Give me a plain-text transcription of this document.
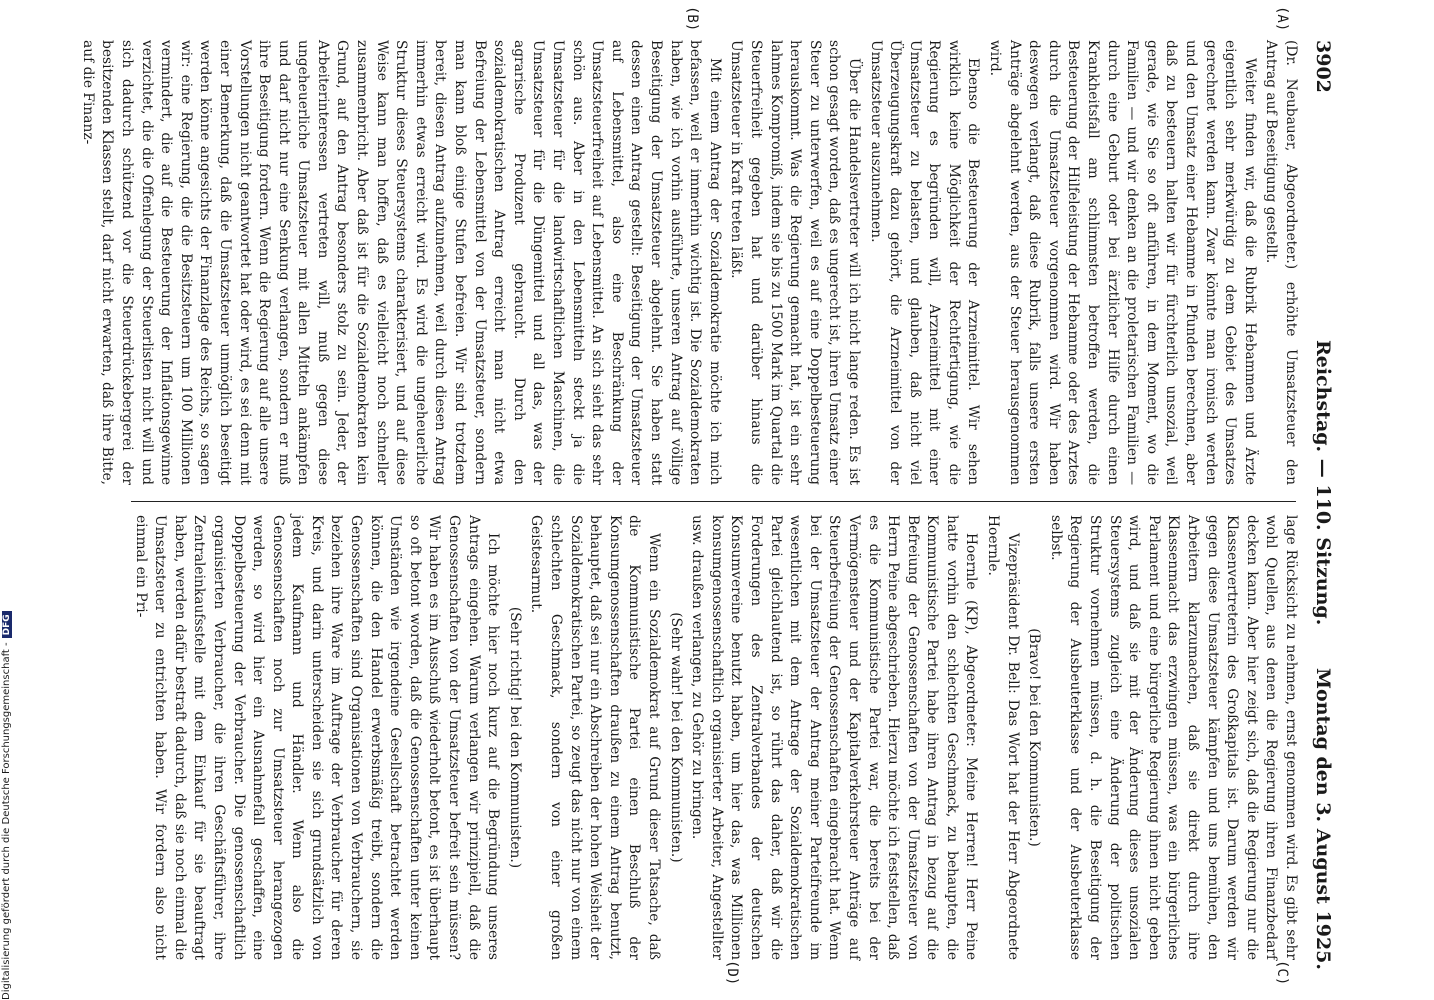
3902
Reichstag. — 110. Sitzung.
Montag den 3. August 1925.
(A)
(B)
(C)
(D)

(Dr. Neubauer, Abgeordneter.) erhöhte Umsatzsteuer den Antrag auf Beseitigung gestellt.

Weiter finden wir, daß die Rubrik Hebammen und Ärzte eigentlich sehr merkwürdig zu dem Gebiet des Umsatzes gerechnet werden kann. Zwar könnte man ironisch werden und den Umsatz einer Hebamme in Pfunden berechnen, aber daß zu besteuern halten wir für fürchterlich unsozial, weil gerade, wie Sie so oft anführen, in dem Moment, wo die Familien — und wir denken an die proletarischen Familien — durch eine Geburt oder bei ärztlicher Hilfe durch einen Krankheitsfall am schlimmsten betroffen werden, die Besteuerung der Hilfeleistung der Hebamme oder des Arztes durch die Umsatzsteuer vorgenommen wird. Wir haben deswegen verlangt, daß diese Rubrik, falls unsere ersten Anträge abgelehnt werden, aus der Steuer herausgenommen wird.

Ebenso die Besteuerung der Arzneimittel. Wir sehen wirklich keine Möglichkeit der Rechtfertigung, wie die Regierung es begründen will, Arzneimittel mit einer Umsatzsteuer zu belasten, und glauben, daß nicht viel Überzeugungskraft dazu gehört, die Arzneimittel von der Umsatzsteuer auszunehmen.

Über die Handelsvertreter will ich nicht lange reden. Es ist schon gesagt worden, daß es ungerecht ist, ihren Umsatz einer Steuer zu unterwerfen, weil es auf eine Doppelbesteuerung herauskommt. Was die Regierung gemacht hat, ist ein sehr lahmes Kompromiß, indem sie bis zu 1500 Mark im Quartal die Steuerfreiheit gegeben hat und darüber hinaus die Umsatzsteuer in Kraft treten läßt.

Mit einem Antrag der Sozialdemokratie möchte ich mich befassen, weil er immerhin wichtig ist. Die Sozialdemokraten haben, wie ich vorhin ausführte, unseren Antrag auf völlige Beseitigung der Umsatzsteuer abgelehnt. Sie haben statt dessen einen Antrag gestellt: Beseitigung der Umsatzsteuer auf Lebensmittel, also eine Beschränkung der Umsatzsteuerfreiheit auf Lebensmittel. An sich sieht das sehr schön aus. Aber in den Lebensmitteln steckt ja die Umsatzsteuer für die landwirtschaftlichen Maschinen, die Umsatzsteuer für die Düngemittel und all das, was der agrarische Produzent gebraucht. Durch den sozialdemokratischen Antrag erreicht man nicht etwa Befreiung der Lebensmittel von der Umsatzsteuer, sondern man kann bloß einige Stufen befreien. Wir sind trotzdem bereit, diesen Antrag aufzunehmen, weil durch diesen Antrag immerhin etwas erreicht wird. Es wird die ungeheuerliche Struktur dieses Steuersystems charakterisiert, und auf diese Weise kann man hoffen, daß es vielleicht noch schneller zusammenbricht. Aber daß ist für die Sozialdemokraten kein Grund, auf den Antrag besonders stolz zu sein. Jeder, der Arbeiterinteressen vertreten will, muß gegen diese ungeheuerliche Umsatzsteuer mit allen Mitteln ankämpfen und darf nicht nur eine Senkung verlangen, sondern er muß ihre Beseitigung fordern. Wenn die Regierung auf alle unsere Vorstellungen nicht geantwortet hat oder wird, es sei denn mit einer Bemerkung, daß die Umsatzsteuer unmöglich beseitigt werden könne angesichts der Finanzlage des Reichs, so sagen wir: eine Regierung, die die Besitzsteuern um 100 Millionen vermindert, die auf die Besteuerung der Inflationsgewinne verzichtet, die die Offenlegung der Steuerlisten nicht will und sich dadurch schützend vor die Steuerdrückebergerei der besitzenden Klassen stellt, darf nicht erwarten, daß ihre Bitte, auf die Finanz-

lage Rücksicht zu nehmen, ernst genommen wird. Es gibt sehr wohl Quellen, aus denen die Regierung ihren Finanzbedarf decken kann. Aber hier zeigt sich, daß die Regierung nur die Klassenvertreterin des Großkapitals ist. Darum werden wir gegen diese Umsatzsteuer kämpfen und uns bemühen, den Arbeitern klarzumachen, daß sie direkt durch ihre Klassenmacht das erzwingen müssen, was ein bürgerliches Parlament und eine bürgerliche Regierung ihnen nicht geben wird, und daß sie mit der Änderung dieses unsozialen Steuersystems zugleich eine Änderung der politischen Struktur vornehmen müssen, d. h. die Beseitigung der Regierung der Ausbeuterklasse und der Ausbeuterklasse selbst.

(Bravo! bei den Kommunisten.)

Vizepräsident Dr. Bell: Das Wort hat der Herr Abgeordnete Hoernle.

Hoernle (KP), Abgeordneter: Meine Herren! Herr Peine hatte vorhin den schlechten Geschmack, zu behaupten, die Kommunistische Partei habe ihren Antrag in bezug auf die Befreiung der Genossenschaften von der Umsatzsteuer von Herrn Peine abgeschrieben. Hierzu möchte ich feststellen, daß es die Kommunistische Partei war, die bereits bei der Vermögensteuer und der Kapitalverkehrsteuer Anträge auf Steuerbefreiung der Genossenschaften eingebracht hat. Wenn bei der Umsatzsteuer der Antrag meiner Parteifreunde im wesentlichen mit dem Antrage der Sozialdemokratischen Partei gleichlautend ist, so rührt das daher, daß wir die Forderungen des Zentralverbandes der deutschen Konsumvereine benutzt haben, um hier das, was Millionen konsumgenossenschaftlich organisierter Arbeiter, Angestellter usw. draußen verlangen, zu Gehör zu bringen.

(Sehr wahr! bei den Kommunisten.)

Wenn ein Sozialdemokrat auf Grund dieser Tatsache, daß die Kommunistische Partei einen Beschluß der Konsumgenossenschaften draußen zu einem Antrag benutzt, behauptet, daß sei nur ein Abschreiben der hohen Weisheit der Sozialdemokratischen Partei, so zeugt das nicht nur von einem schlechten Geschmack, sondern von einer großen Geistesarmut.

(Sehr richtig! bei den Kommunisten.)

Ich möchte hier noch kurz auf die Begründung unseres Antrags eingehen. Warum verlangen wir prinzipiell, daß die Genossenschaften von der Umsatzsteuer befreit sein müssen? Wir haben es im Ausschuß wiederholt betont, es ist überhaupt so oft betont worden, daß die Genossenschaften unter keinen Umständen wie irgendeine Gesellschaft betrachtet werden können, die den Handel erwerbsmäßig treibt, sondern die Genossenschaften sind Organisationen von Verbrauchern, sie beziehen ihre Ware im Auftrage der Verbraucher für deren Kreis, und darin unterscheiden sie sich grundsätzlich von jedem Kaufmann und Händler. Wenn also die Genossenschaften noch zur Umsatzsteuer herangezogen werden, so wird hier ein Ausnahmefall geschaffen, eine Doppelbesteuerung der Verbraucher. Die genossenschaftlich organisierten Verbraucher, die ihren Geschäftsführer, ihre Zentraleinkaufsstelle mit dem Einkauf für sie beauftragt haben, werden dafür bestraft dadurch, daß sie noch einmal die Umsatzsteuer zu entrichten haben. Wir fordern also nicht einmal ein Pri-

Digitalisierung gefördert durch die Deutsche Forschungsgemeinschaft -DFG
